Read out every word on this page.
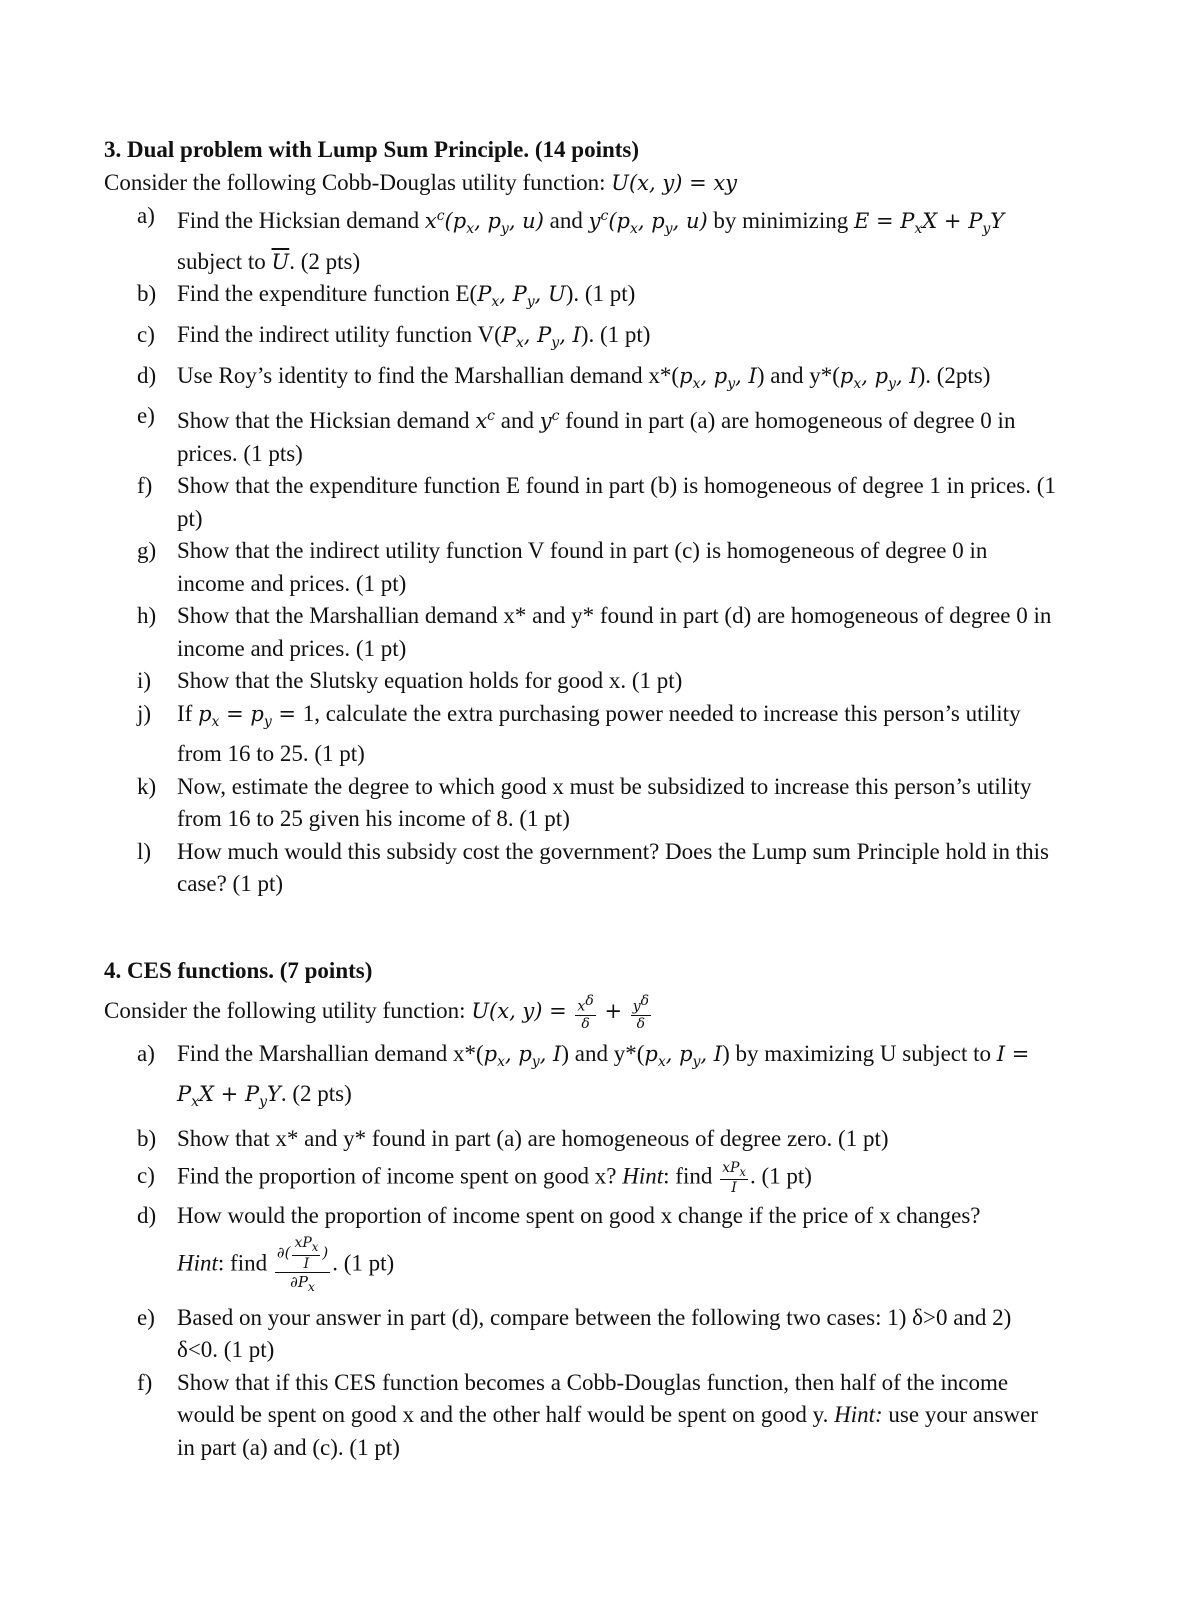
3. Dual problem with Lump Sum Principle. (14 points)

Consider the following Cobb-Douglas utility function: U(x, y) = xy

a) Find the Hicksian demand $x^c(p_x$, $p_y$, u) and $y^c(p_x$, $p_y$, u) by minimizing $E = P_xX + P_yY$ subject to $\overline{U}$. (2 pts)
b) Find the expenditure function $E(P_x$, $P_y$, U). (1 pt)
c) Find the indirect utility function $V(P_x$, $P_y$, I). (1 pt)
d) Use Roy’s identity to find the Marshallian demand $x*(p_x$, $p_y$, I) and $y*(p_x$, $p_y$, I). (2pts)
e) Show that the Hicksian demand $x^c$ and $y^c$ found in part (a) are homogeneous of degree 0 in prices. (1 pts)
f) Show that the expenditure function E found in part (b) is homogeneous of degree 1 in prices. (1 pt)
g) Show that the indirect utility function V found in part (c) is homogeneous of degree 0 in income and prices. (1 pt)
h) Show that the Marshallian demand x* and y* found in part (d) are homogeneous of degree 0 in income and prices. (1 pt)
i) Show that the Slutsky equation holds for good x. (1 pt)
j) If $p_x = p_y = 1$, calculate the extra purchasing power needed to increase this person’s utility from 16 to 25. (1 pt)
k) Now, estimate the degree to which good x must be subsidized to increase this person’s utility from 16 to 25 given his income of 8. (1 pt)
l) How much would this subsidy cost the government? Does the Lump sum Principle hold in this case? (1 pt)

4. CES functions. (7 points)

Consider the following utility function: U(x, $y) = \frac{x^\delta}{\delta} + \frac{y^\delta}{\delta}$

a) Find the Marshallian demand $x*(p_x$, $p_y$, I) and $y*(p_x$, $p_y$, I) by maximizing U subject to $I = P_xX + P_yY$. (2 pts)
b) Show that x* and y* found in part (a) are homogeneous of degree zero. (1 pt)
c) Find the proportion of income spent on good x? Hint: find $\frac{xP_x}{I}$ . (1 pt)
d) How would the proportion of income spent on good x change if the price of x changes?
Hint: find $\frac{\partial( \frac{xP_x}{I} )}{\partial P_x}$ . (1 pt)
e) Based on your answer in part (d), compare between the following two cases: 1) δ>0 and 2) δ<0. (1 pt)
f) Show that if this CES function becomes a Cobb-Douglas function, then half of the income would be spent on good x and the other half would be spent on good y. Hint: use your answer in part (a) and (c). (1 pt)
